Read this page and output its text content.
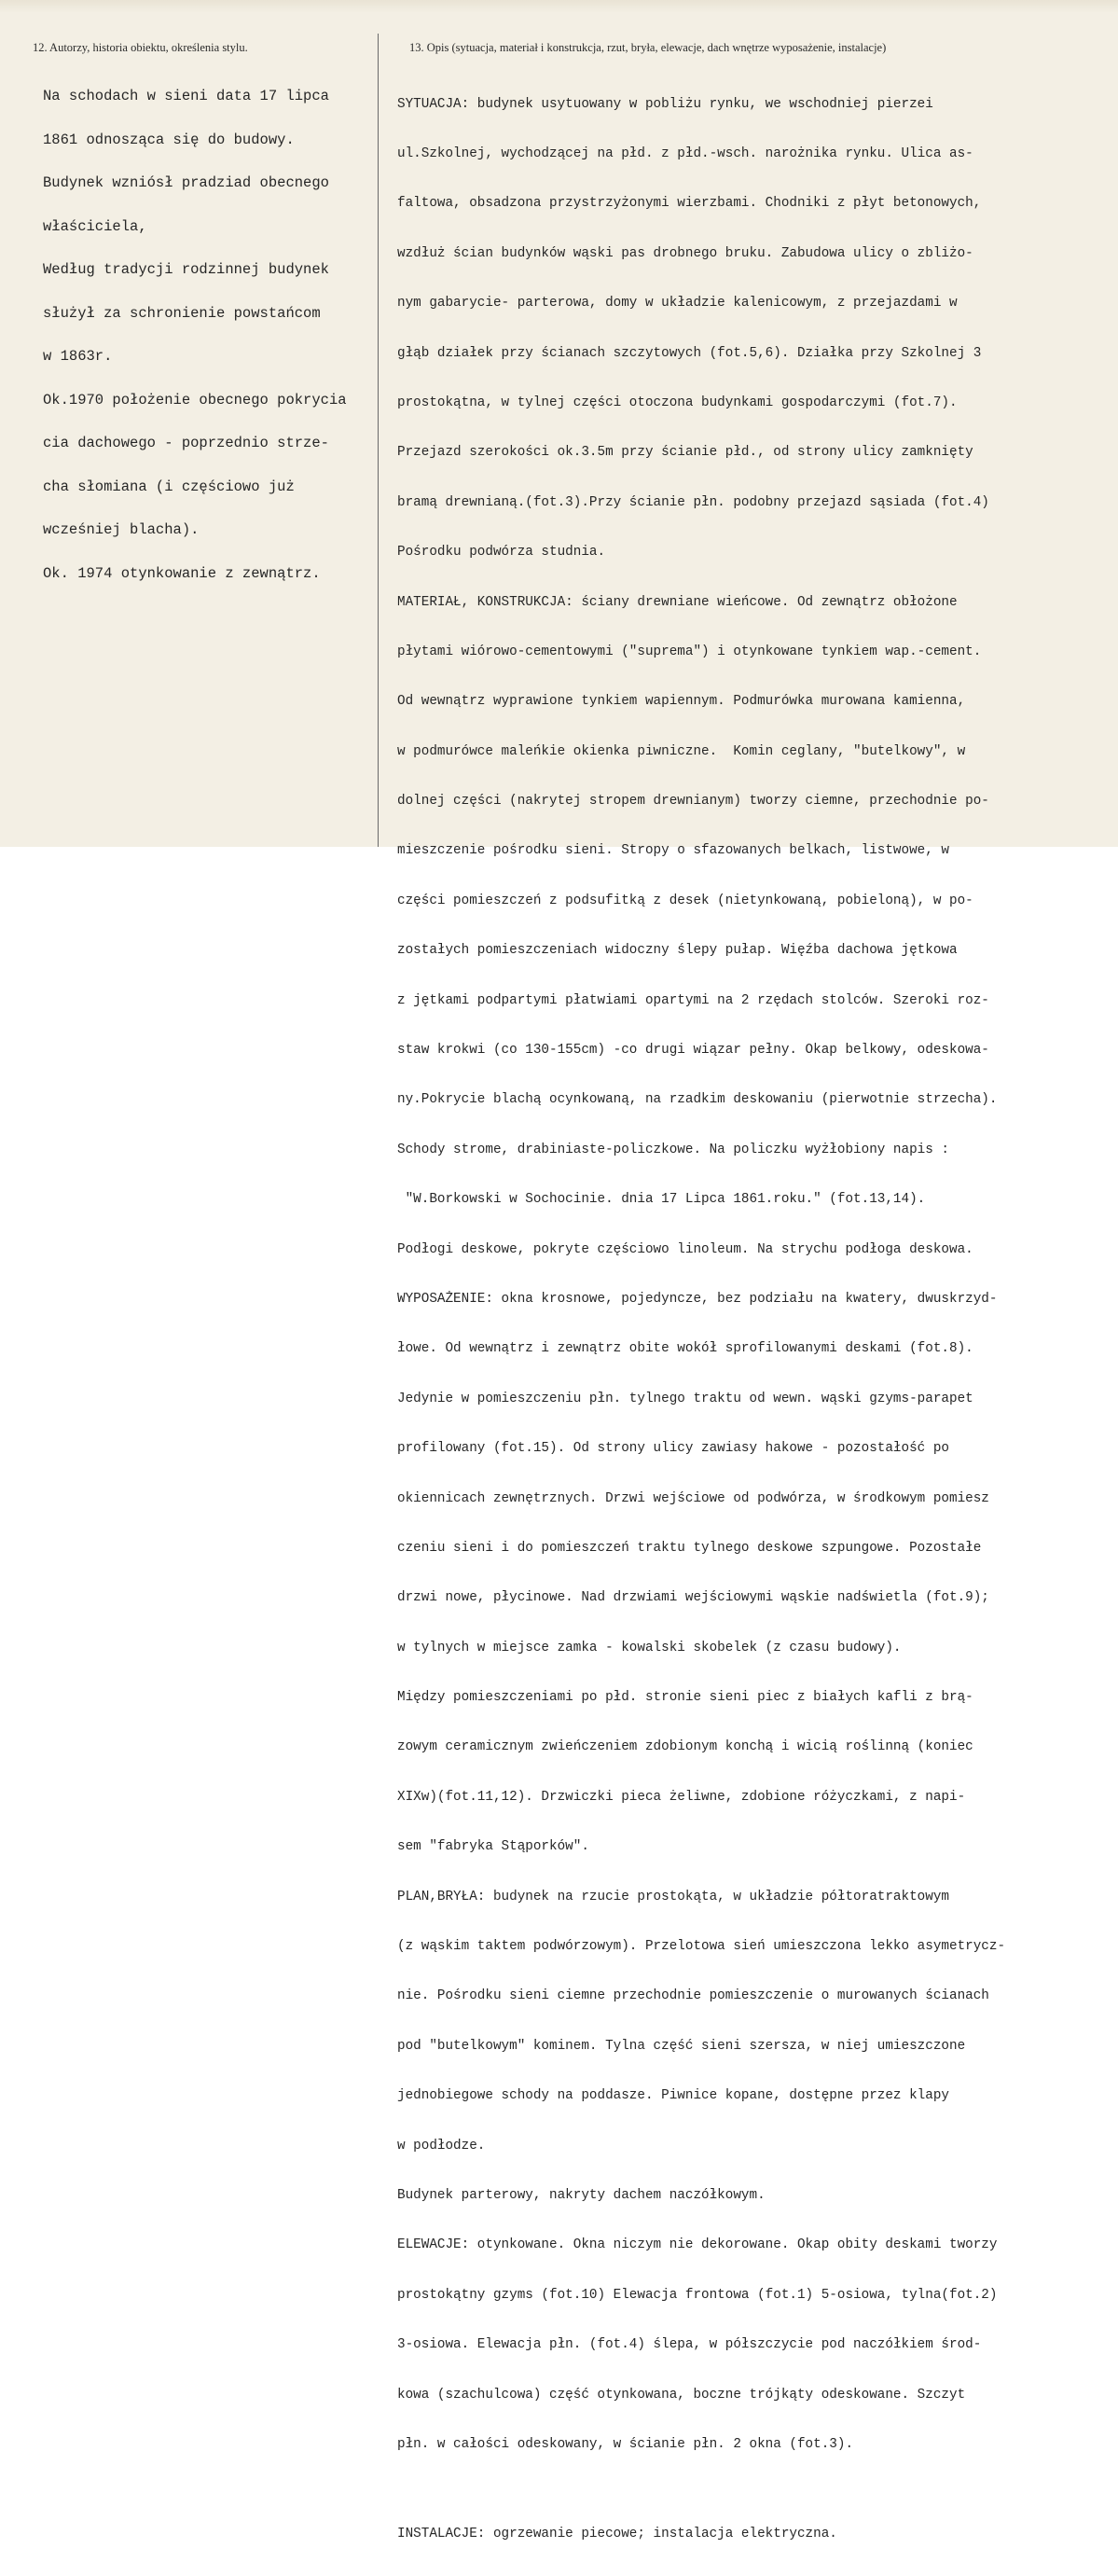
12. Autorzy, historia obiektu, określenia stylu.	13. Opis (sytuacja, materiał i konstrukcja, rzut, bryła, elewacje, dach wnętrze wyposażenie, instalacje)

Na schodach w sieni data 17 lipca

1861 odnosząca się do budowy.

Budynek wzniósł pradziad obecnego

właściciela,

Według tradycji rodzinnej budynek

służył za schronienie powstańcom

w 1863r.

Ok.1970 położenie obecnego pokrycia

cia dachowego - poprzednio strze-

cha słomiana (i częściowo już

wcześniej blacha).

Ok. 1974 otynkowanie z zewnątrz.

SYTUACJA: budynek usytuowany w pobliżu rynku, we wschodniej pierzei

ul.Szkolnej, wychodzącej na płd. z płd.-wsch. narożnika rynku. Ulica as-

faltowa, obsadzona przystrzyżonymi wierzbami. Chodniki z płyt betonowych,

wzdłuż ścian budynków wąski pas drobnego bruku. Zabudowa ulicy o zbliżo-

nym gabarycie- parterowa, domy w układzie kalenicowym, z przejazdami w

głąb działek przy ścianach szczytowych (fot.5,6). Działka przy Szkolnej 3

prostokątna, w tylnej części otoczona budynkami gospodarczymi (fot.7).

Przejazd szerokości ok.3.5m przy ścianie płd., od strony ulicy zamknięty

bramą drewnianą.(fot.3).Przy ścianie płn. podobny przejazd sąsiada (fot.4)

Pośrodku podwórza studnia.

MATERIAŁ, KONSTRUKCJA: ściany drewniane wieńcowe. Od zewnątrz obłożone

płytami wiórowo-cementowymi ("suprema") i otynkowane tynkiem wap.-cement.

Od wewnątrz wyprawione tynkiem wapiennym. Podmurówka murowana kamienna,

w podmurówce maleńkie okienka piwniczne.  Komin ceglany, "butelkowy", w

dolnej części (nakrytej stropem drewnianym) tworzy ciemne, przechodnie po-

mieszczenie pośrodku sieni. Stropy o sfazowanych belkach, listwowe, w

części pomieszczeń z podsufitką z desek (nietynkowaną, pobieloną), w po-

zostałych pomieszczeniach widoczny ślepy pułap. Więźba dachowa jętkowa

z jętkami podpartymi płatwiami opartymi na 2 rzędach stolców. Szeroki roz-

staw krokwi (co 130-155cm) -co drugi wiązar pełny. Okap belkowy, odeskowa-

ny.Pokrycie blachą ocynkowaną, na rzadkim deskowaniu (pierwotnie strzecha).

Schody strome, drabiniaste-policzkowe. Na policzku wyżłobiony napis :

"W.Borkowski w Sochocinie. dnia 17 Lipca 1861.roku." (fot.13,14).

Podłogi deskowe, pokryte częściowo linoleum. Na strychu podłoga deskowa.

WYPOSAŻENIE: okna krosnowe, pojedyncze, bez podziału na kwatery, dwuskrzyd-

łowe. Od wewnątrz i zewnątrz obite wokół sprofilowanymi deskami (fot.8).

Jedynie w pomieszczeniu płn. tylnego traktu od wewn. wąski gzyms-parapet

profilowany (fot.15). Od strony ulicy zawiasy hakowe - pozostałość po

okiennicach zewnętrznych. Drzwi wejściowe od podwórza, w środkowym pomiesz

czeniu sieni i do pomieszczeń traktu tylnego deskowe szpungowe. Pozostałe

drzwi nowe, płycinowe. Nad drzwiami wejściowymi wąskie nadświetla (fot.9);

w tylnych w miejsce zamka - kowalski skobelek (z czasu budowy).

Między pomieszczeniami po płd. stronie sieni piec z białych kafli z brą-

zowym ceramicznym zwieńczeniem zdobionym konchą i wicią roślinną (koniec

XIXw)(fot.11,12). Drzwiczki pieca żeliwne, zdobione różyczkami, z napi-

sem "fabryka Stąporków".

PLAN,BRYŁA: budynek na rzucie prostokąta, w układzie półtoratraktowym

(z wąskim taktem podwórzowym). Przelotowa sień umieszczona lekko asymetrycz-

nie. Pośrodku sieni ciemne przechodnie pomieszczenie o murowanych ścianach

pod "butelkowym" kominem. Tylna część sieni szersza, w niej umieszczone

jednobiegowe schody na poddasze. Piwnice kopane, dostępne przez klapy

w podłodze.

Budynek parterowy, nakryty dachem naczółkowym.

ELEWACJE: otynkowane. Okna niczym nie dekorowane. Okap obity deskami tworzy

prostokątny gzyms (fot.10) Elewacja frontowa (fot.1) 5-osiowa, tylna(fot.2)

3-osiowa. Elewacja płn. (fot.4) ślepa, w półszczycie pod naczółkiem środ-

kowa (szachulcowa) część otynkowana, boczne trójkąty odeskowane. Szczyt

płn. w całości odeskowany, w ścianie płn. 2 okna (fot.3).

INSTALACJE: ogrzewanie piecowe; instalacja elektryczna.
